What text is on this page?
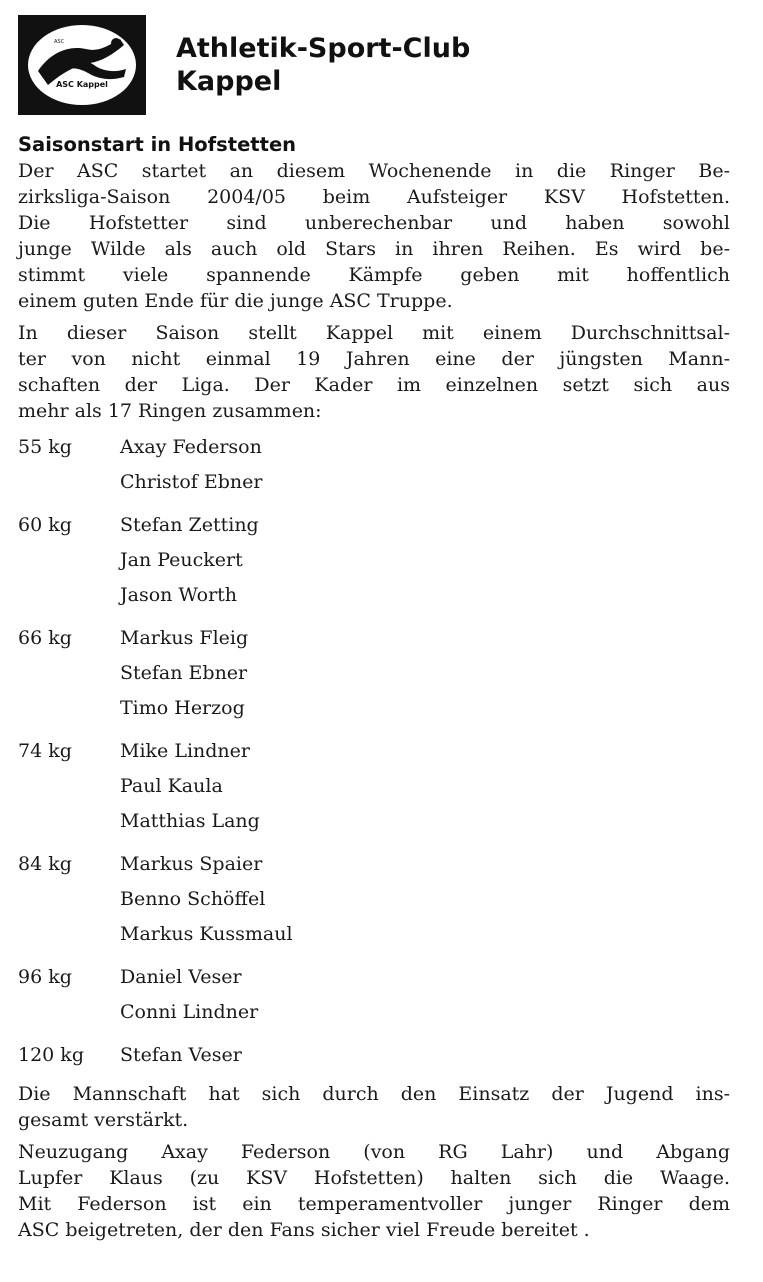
ASC
ASC Kappel
Athletik-Sport-Club
Kappel
Saisonstart in Hofstetten

Der ASC startet an diesem Wochenende in die Ringer Be-
zirksliga-Saison 2004/05 beim Aufsteiger KSV Hofstetten.
Die Hofstetter sind unberechenbar und haben sowohl
junge Wilde als auch old Stars in ihren Reihen. Es wird be-
stimmt viele spannende Kämpfe geben mit hoffentlich
einem guten Ende für die junge ASC Truppe.

In dieser Saison stellt Kappel mit einem Durchschnittsal-
ter von nicht einmal 19 Jahren eine der jüngsten Mann-
schaften der Liga. Der Kader im einzelnen setzt sich aus
mehr als 17 Ringen zusammen:

55 kg	Axay Federson
Christof Ebner
60 kg	Stefan Zetting
Jan Peuckert
Jason Worth
66 kg	Markus Fleig
Stefan Ebner
Timo Herzog
74 kg	Mike Lindner
Paul Kaula
Matthias Lang
84 kg	Markus Spaier
Benno Schöffel
Markus Kussmaul
96 kg	Daniel Veser
Conni Lindner
120 kg	Stefan Veser

Die Mannschaft hat sich durch den Einsatz der Jugend ins-
gesamt verstärkt.

Neuzugang Axay Federson (von RG Lahr) und Abgang
Lupfer Klaus (zu KSV Hofstetten) halten sich die Waage.
Mit Federson ist ein temperamentvoller junger Ringer dem
ASC beigetreten, der den Fans sicher viel Freude bereitet .
